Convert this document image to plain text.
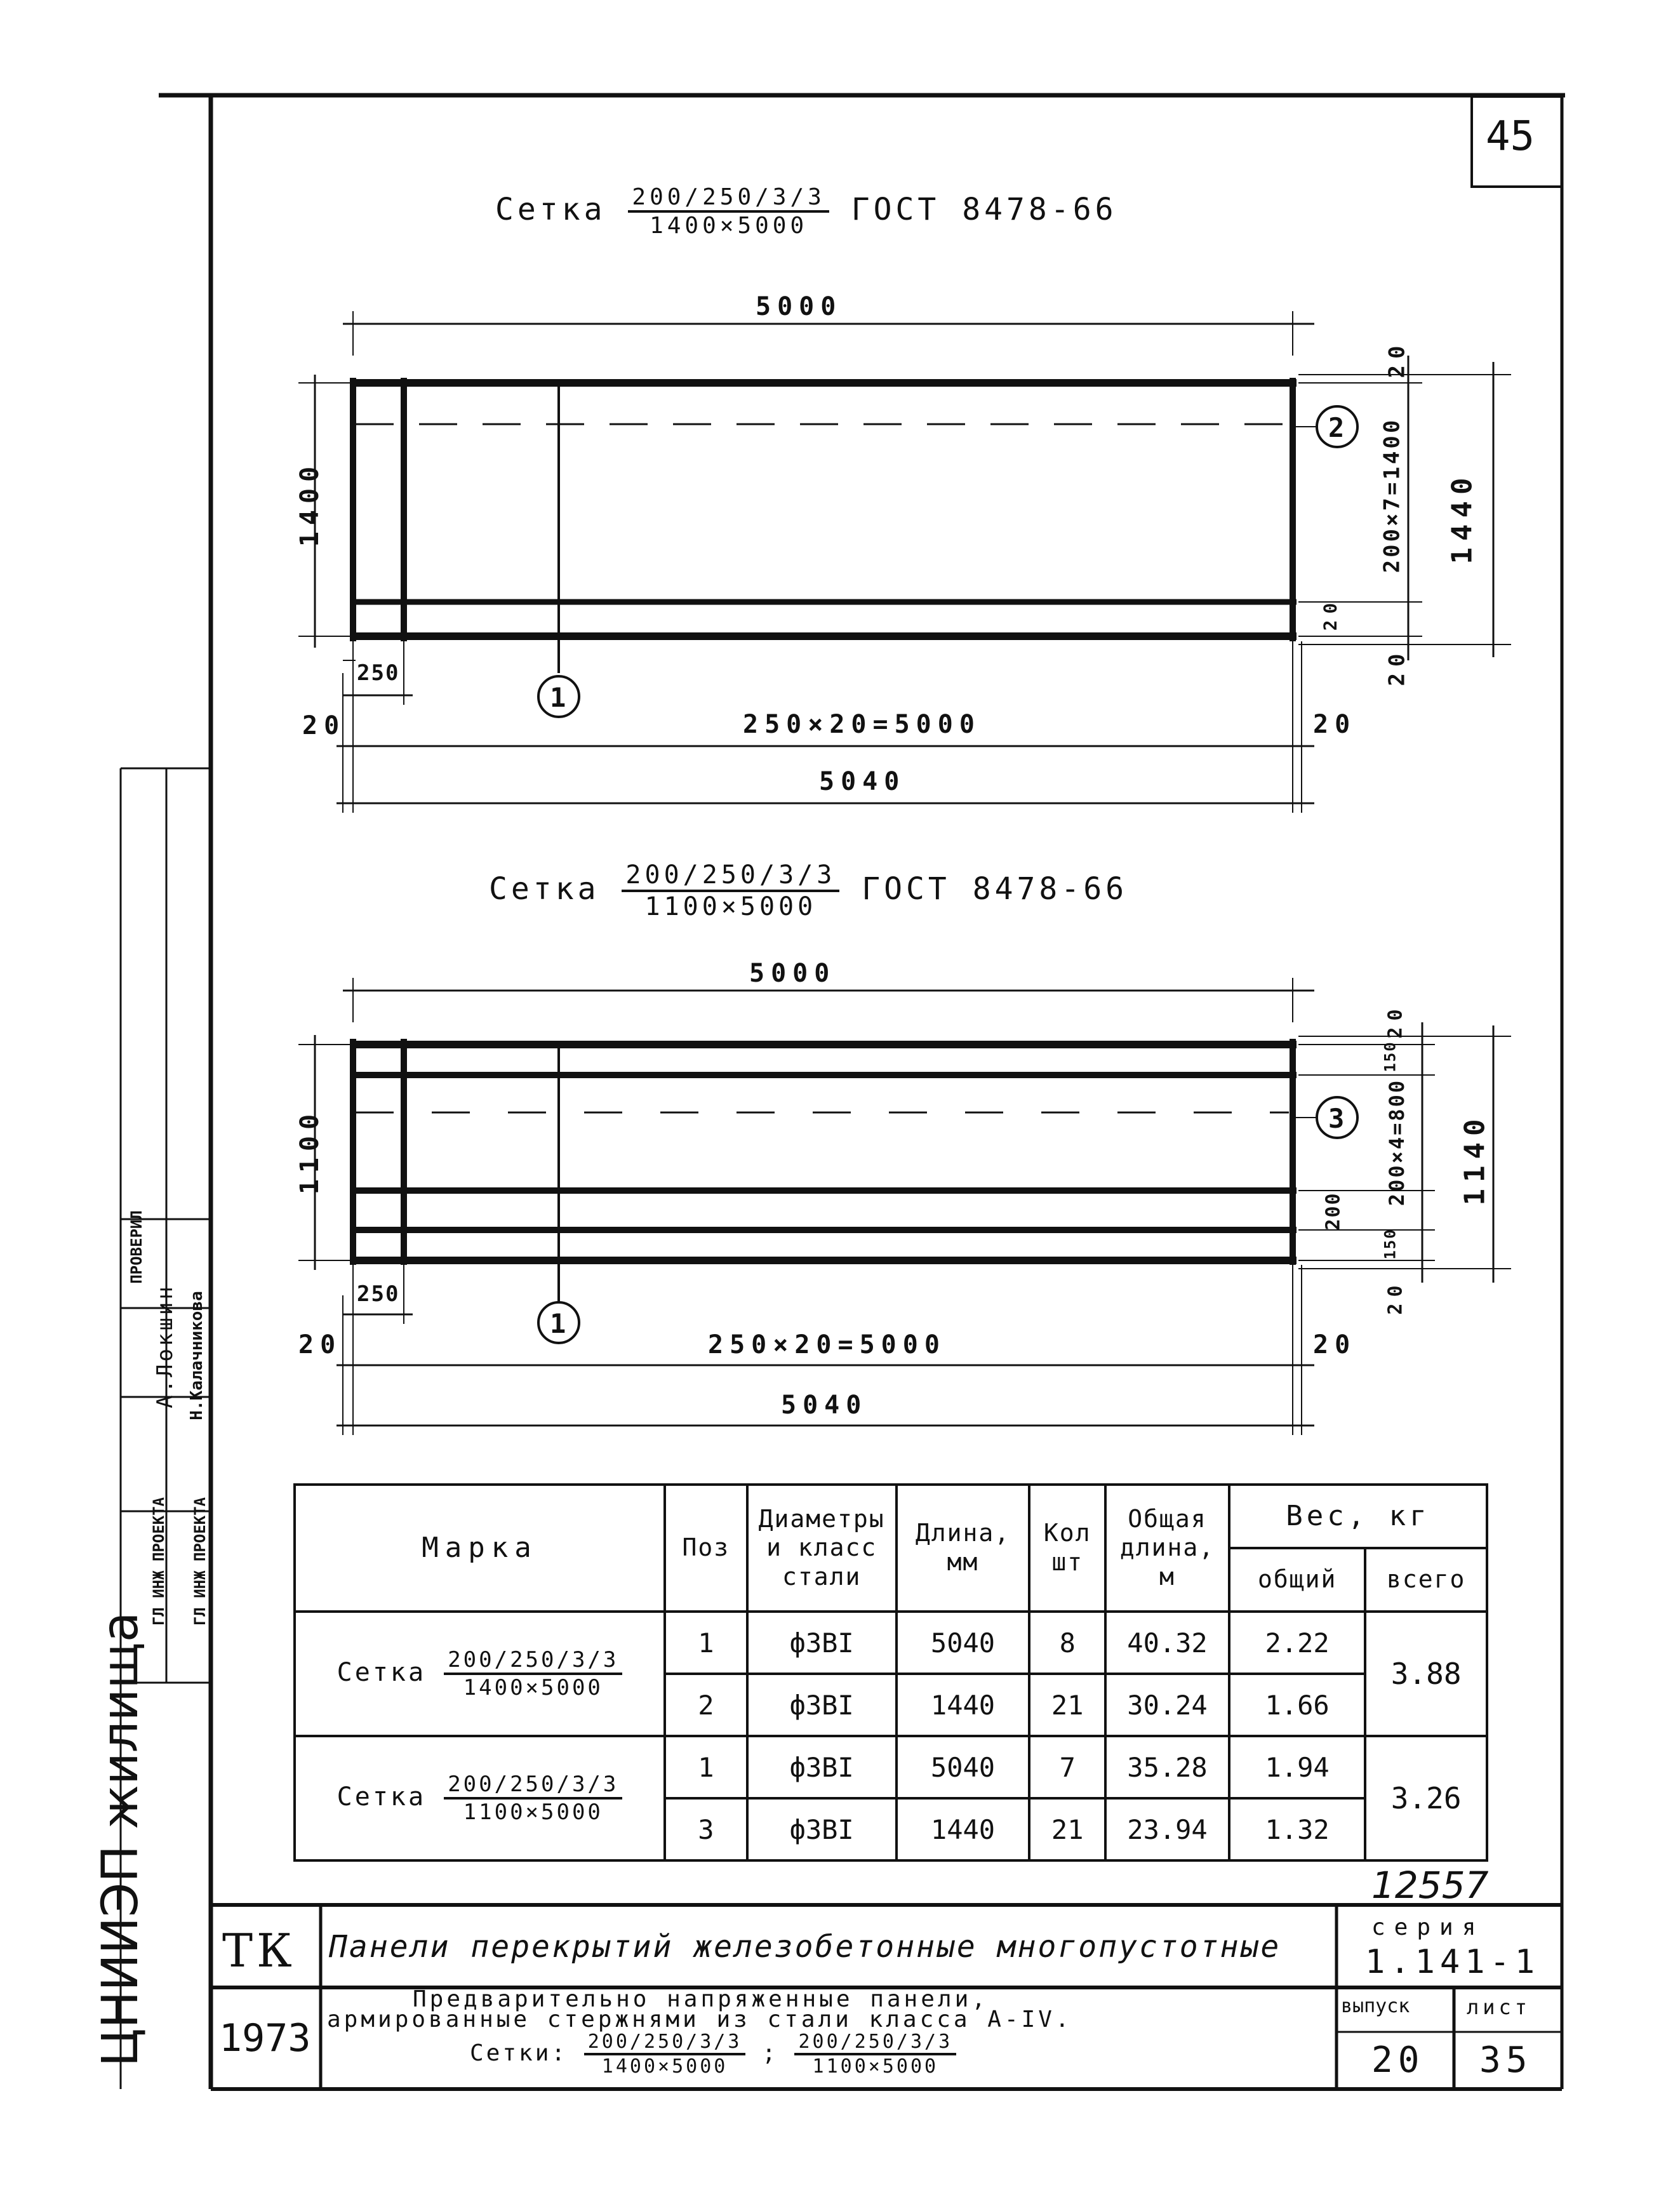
45
Сетка $\frac{200/250/3/3}{1400\times 5000}$ ГОСТ 8478-66
5000
1400
20
200×7=1400
20
20
1440
250
20	250×20=5000	20
5040
1
2
Сетка $\frac{200/250/3/3}{1100\times 5000}$ ГОСТ 8478-66
5000
1100
20
150
200×4=800
200
150
20
1140
250
20	250×20=5000	20
5040
1
3
Марка	Поз	Диаметры и класс стали	Длина, мм	Кол шт	Общая длина, м	Вес, кг	
						общий	всего
Сетка $\frac{200/250/3/3}{1400\times 5000}$	1	ф3ВI	5040	8	40.32	2.22	3.88
	2	ф3ВI	1440	21	30.24	1.66	
Сетка $\frac{200/250/3/3}{1100\times 5000}$	1	ф3ВI	5040	7	35.28	1.94	3.26
	3	ф3ВI	1440	21	23.94	1.32	
12557
ТК
1973
Панели перекрытий железобетонные многопустотные
Предварительно напряженные панели,
армированные стержнями из стали класса А-IV.
Сетки: $\frac{200/250/3/3}{1400\times 5000}$ ; $\frac{200/250/3/3}{1100\times 5000}$
серия
1.141-1
выпуск
20
лист
35
ЦНИИЭП жилища
ГЛ ИНЖ ПРОЕКТА ГЛ ИНЖ ПРОЕКТА
ПРОВЕРИЛ
А.Локшин Н.Калачникова
